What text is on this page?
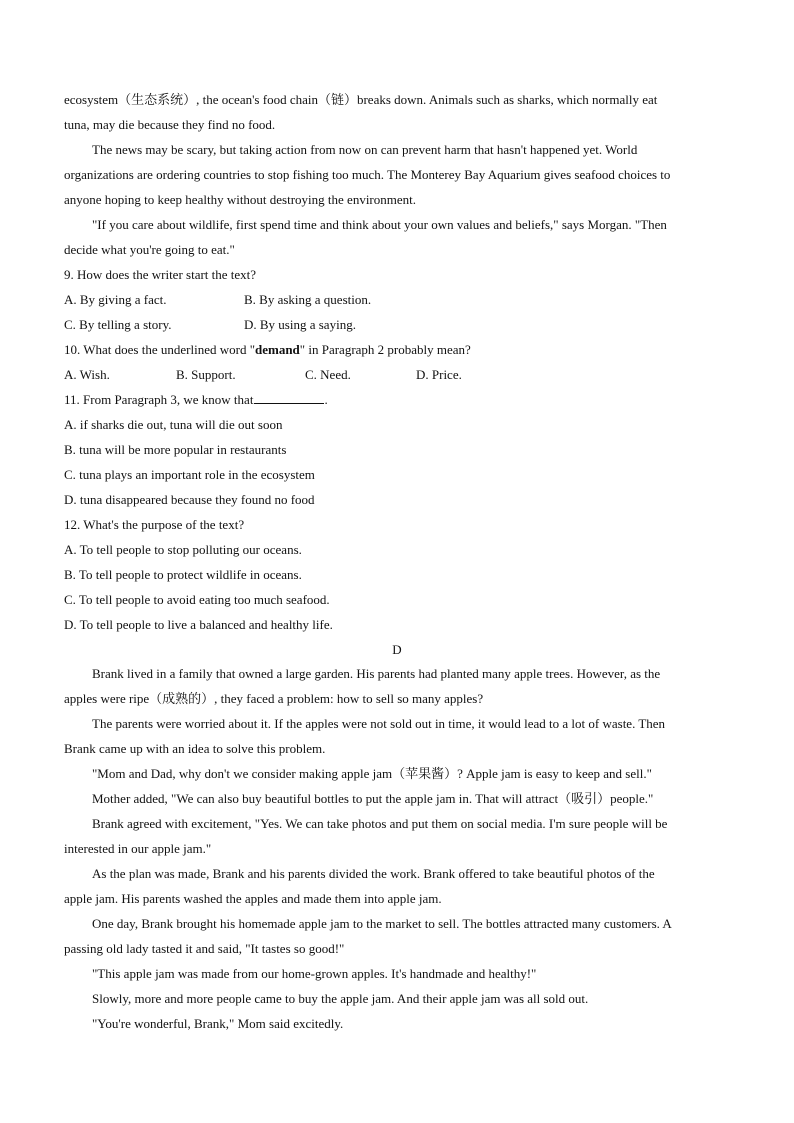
ecosystem（生态系统）, the ocean's food chain（链）breaks down. Animals such as sharks, which normally eat
tuna, may die because they find no food.
The news may be scary, but taking action from now on can prevent harm that hasn't happened yet. World
organizations are ordering countries to stop fishing too much. The Monterey Bay Aquarium gives seafood choices to
anyone hoping to keep healthy without destroying the environment.
"If you care about wildlife, first spend time and think about your own values and beliefs," says Morgan. "Then
decide what you're going to eat."
9. How does the writer start the text?
A. By giving a fact.	B. By asking a question.
C. By telling a story.	D. By using a saying.
10. What does the underlined word "demand" in Paragraph 2 probably mean?
A. Wish.	B. Support.	C. Need.	D. Price.
11. From Paragraph 3, we know that	.
A. if sharks die out, tuna will die out soon
B. tuna will be more popular in restaurants
C. tuna plays an important role in the ecosystem
D. tuna disappeared because they found no food
12. What's the purpose of the text?
A. To tell people to stop polluting our oceans.
B. To tell people to protect wildlife in oceans.
C. To tell people to avoid eating too much seafood.
D. To tell people to live a balanced and healthy life.
D
Brank lived in a family that owned a large garden. His parents had planted many apple trees. However, as the
apples were ripe（成熟的）, they faced a problem: how to sell so many apples?
The parents were worried about it. If the apples were not sold out in time, it would lead to a lot of waste. Then
Brank came up with an idea to solve this problem.
"Mom and Dad, why don't we consider making apple jam（苹果酱）? Apple jam is easy to keep and sell."
Mother added, "We can also buy beautiful bottles to put the apple jam in. That will attract（吸引）people."
Brank agreed with excitement, "Yes. We can take photos and put them on social media. I'm sure people will be
interested in our apple jam."
As the plan was made, Brank and his parents divided the work. Brank offered to take beautiful photos of the
apple jam. His parents washed the apples and made them into apple jam.
One day, Brank brought his homemade apple jam to the market to sell. The bottles attracted many customers. A
passing old lady tasted it and said, "It tastes so good!"
"This apple jam was made from our home-grown apples. It's handmade and healthy!"
Slowly, more and more people came to buy the apple jam. And their apple jam was all sold out.
"You're wonderful, Brank," Mom said excitedly.
